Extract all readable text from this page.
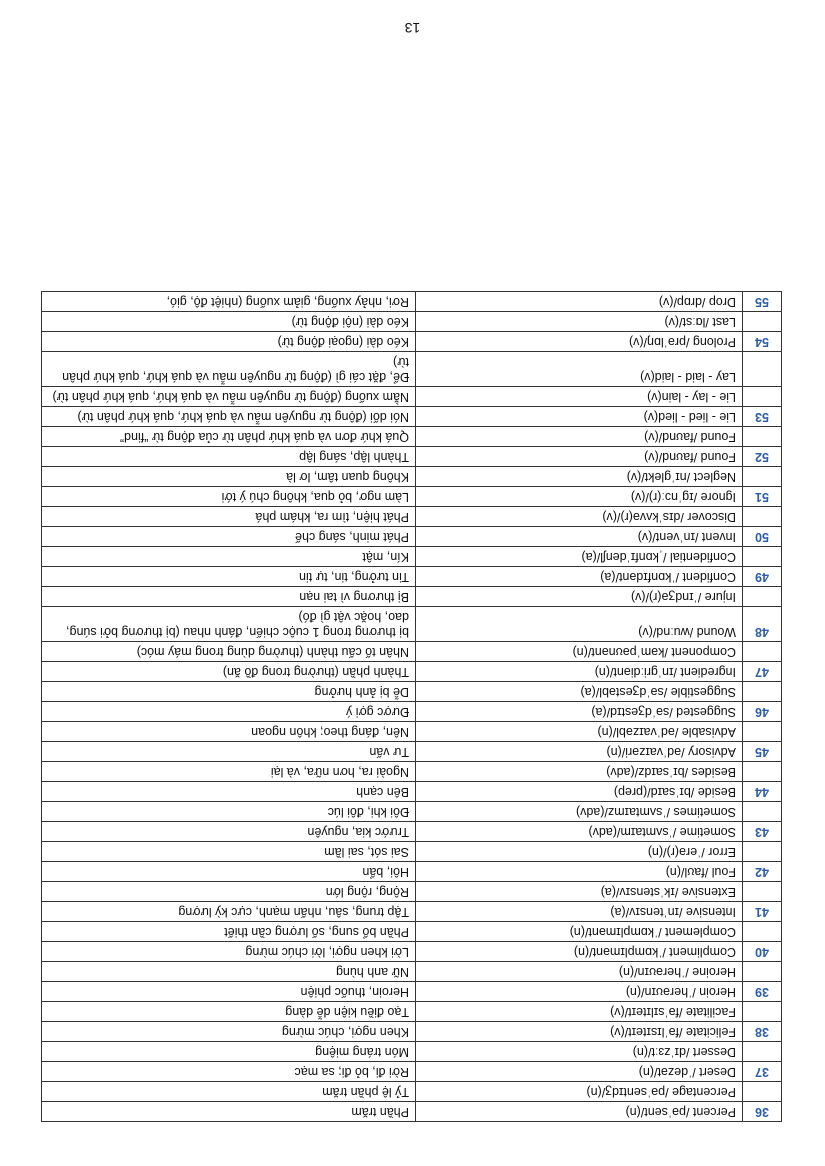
13
36	Percent /pəˈsent/(n)	Phần trăm
	Percentage /pəˈsentɪdʒ/(n)	Tỷ lệ phần trăm
37	Desert /ˈdezət/(n)	Rời đi, bỏ đi; sa mạc
	Dessert /dɪˈzɜːt/(n)	Món tráng miệng
38	Felicitate /fəˈlɪsɪteɪt/(v)	Khen ngợi, chúc mừng
	Facilitate /fəˈsɪlɪteɪt/(v)	Tạo điều kiện dễ dàng
39	Heroin /ˈherəʊɪn/(n)	Heroin, thuốc phiện
	Heroine /ˈherəʊɪn/(n)	Nữ anh hùng
40	Compliment /ˈkɒmplɪmənt/(n)	Lời khen ngợi, lời chúc mừng
	Complement /ˈkɒmplɪmənt/(n)	Phần bổ sung, số lượng cần thiết
41	Intensive /ɪnˈtensɪv/(a)	Tập trung, sâu, nhấn mạnh, cực kỳ lượng
	Extensive /ɪkˈstensɪv/(a)	Rộng, rộng lớn
42	Foul /faʊl/(n)	Hôi, bẩn
	Error /ˈerə(r)/(n)	Sai sót, sai lầm
43	Sometime /ˈsʌmtaɪm/(adv)	Trước kia, nguyên
	Sometimes /ˈsʌmtaɪmz/(adv)	Đôi khi, đôi lúc
44	Beside /bɪˈsaɪd/(prep)	Bên cạnh
	Besides /bɪˈsaɪdz/(adv)	Ngoài ra, hơn nữa, và lại
45	Advisory /ədˈvaɪzəri/(n)	Tư vấn
	Advisable /ədˈvaɪzəbl/(n)	Nên, đáng theo; khôn ngoan
46	Suggested /səˈdʒestɪd/(a)	Được gợi ý
	Suggestible /səˈdʒestəbl/(a)	Dễ bị ảnh hưởng
47	Ingredient /ɪnˈɡriːdiənt/(n)	Thành phần (thường trong đồ ăn)
	Component /kəmˈpəʊnənt/(n)	Nhân tố cấu thành (thường dùng trong máy móc)
48	Wound /wuːnd/(v)	bị thương trong 1 cuộc chiến, đánh nhau (bị thương bởi súng, dao, hoặc vật gì đó)
	Injure /ˈɪndʒə(r)/(v)	Bị thương vì tai nạn
49	Confident /ˈkɒnfɪdənt/(a)	Tin tưởng, tin, tự tin
	Confidential /ˌkɒnfɪˈdenʃl/(a)	Kín, mật
50	Invent /ɪnˈvent/(v)	Phát minh, sáng chế
	Discover /dɪsˈkʌvə(r)/(v)	Phát hiện, tìm ra, khám phá
51	Ignore /ɪɡˈnɔː(r)/(v)	Làm ngơ, bỏ qua, không chú ý tới
	Neglect /nɪˈɡlekt/(v)	Không quan tâm, lơ là
52	Found /faʊnd/(v)	Thành lập, sáng lập
	Found /faʊnd/(v)	Quá khứ đơn và quá khứ phân từ của động từ “find”
53	Lie - lied - lied(v)	Nói dối (động từ nguyên mẫu và quá khứ, quá khứ phân từ)
	Lie - lay - lain(v)	Nằm xuống (động từ nguyên mẫu và quá khứ, quá khứ phân từ)
	Lay - laid - laid(v)	Để, đặt cái gì (động từ nguyên mẫu và quá khứ, quá khứ phân từ)
54	Prolong /prəˈlɒŋ/(v)	Kéo dài (ngoại động từ)
	Last /lɑːst/(v)	Kéo dài (nội động từ)
55	Drop /drɒp/(v)	Rơi, nhảy xuống, giảm xuống (nhiệt độ, gió,
